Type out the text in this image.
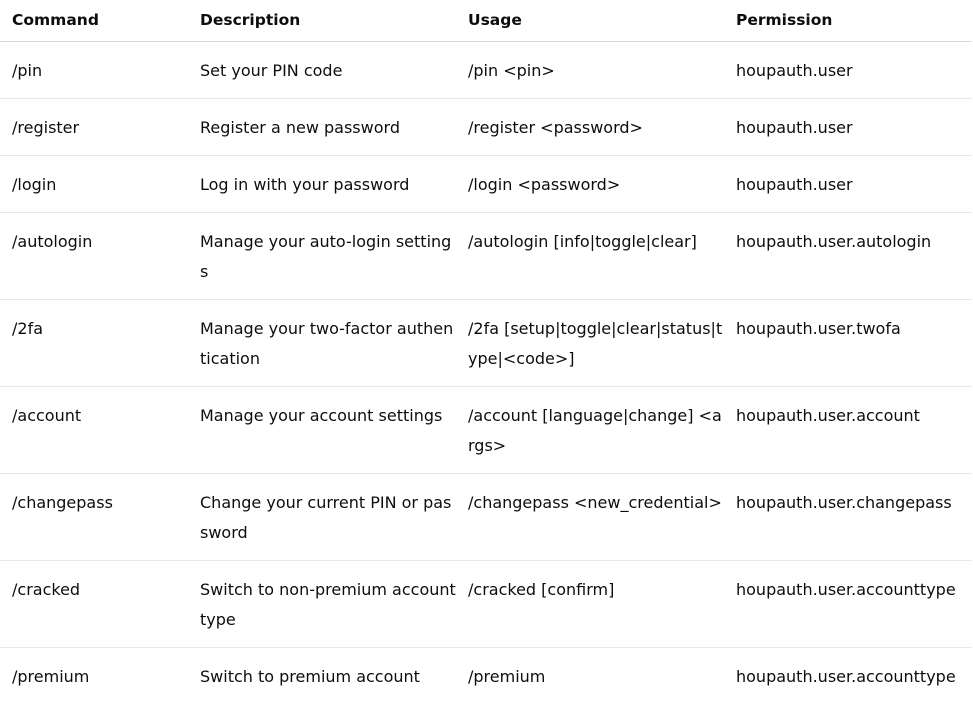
Command	Description	Usage	Permission

/pin	Set your PIN code	/pin <pin>	houpauth.user
/register	Register a new password	/register <password>	houpauth.user
/login	Log in with your password	/login <password>	houpauth.user
/autologin	Manage your auto-login settings	/autologin [info|toggle|clear]	houpauth.user.autologin
/2fa	Manage your two-factor authentication	/2fa [setup|toggle|clear|status|type|<code>]	houpauth.user.twofa
/account	Manage your account settings	/account [language|change] <args>	houpauth.user.account
/changepass	Change your current PIN or password	/changepass <new_credential>	houpauth.user.changepass
/cracked	Switch to non-premium account type	/cracked [confirm]	houpauth.user.accounttype
/premium	Switch to premium account	/premium	houpauth.user.accounttype
